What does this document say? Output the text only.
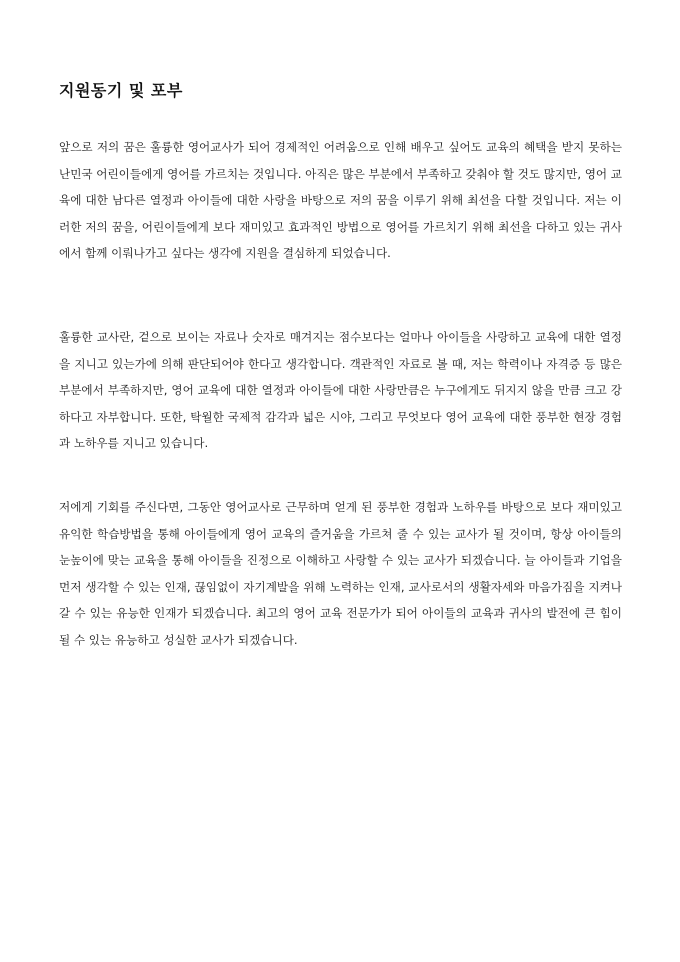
지원동기 및 포부

앞으로 저의 꿈은 훌륭한 영어교사가 되어 경제적인 어려움으로 인해 배우고 싶어도 교육의 혜택을 받지 못하는 난민국 어린이들에게 영어를 가르치는 것입니다. 아직은 많은 부분에서 부족하고 갖춰야 할 것도 많지만, 영어 교육에 대한 남다른 열정과 아이들에 대한 사랑을 바탕으로 저의 꿈을 이루기 위해 최선을 다할 것입니다. 저는 이러한 저의 꿈을, 어린이들에게 보다 재미있고 효과적인 방법으로 영어를 가르치기 위해 최선을 다하고 있는 귀사에서 함께 이뤄나가고 싶다는 생각에 지원을 결심하게 되었습니다.

훌륭한 교사란, 겉으로 보이는 자료나 숫자로 매겨지는 점수보다는 얼마나 아이들을 사랑하고 교육에 대한 열정을 지니고 있는가에 의해 판단되어야 한다고 생각합니다. 객관적인 자료로 볼 때, 저는 학력이나 자격증 등 많은 부분에서 부족하지만, 영어 교육에 대한 열정과 아이들에 대한 사랑만큼은 누구에게도 뒤지지 않을 만큼 크고 강하다고 자부합니다. 또한, 탁월한 국제적 감각과 넓은 시야, 그리고 무엇보다 영어 교육에 대한 풍부한 현장 경험과 노하우를 지니고 있습니다.

저에게 기회를 주신다면, 그동안 영어교사로 근무하며 얻게 된 풍부한 경험과 노하우를 바탕으로 보다 재미있고 유익한 학습방법을 통해 아이들에게 영어 교육의 즐거움을 가르쳐 줄 수 있는 교사가 될 것이며, 항상 아이들의 눈높이에 맞는 교육을 통해 아이들을 진정으로 이해하고 사랑할 수 있는 교사가 되겠습니다. 늘 아이들과 기업을 먼저 생각할 수 있는 인재, 끊임없이 자기계발을 위해 노력하는 인재, 교사로서의 생활자세와 마음가짐을 지켜나갈 수 있는 유능한 인재가 되겠습니다. 최고의 영어 교육 전문가가 되어 아이들의 교육과 귀사의 발전에 큰 힘이 될 수 있는 유능하고 성실한 교사가 되겠습니다.
